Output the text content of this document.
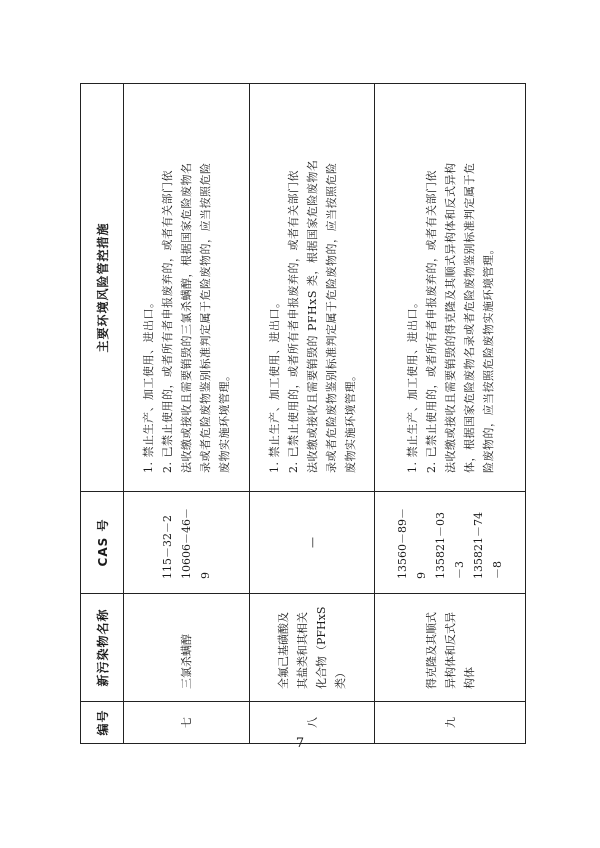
编号	新污染物名称	CAS 号	主要环境风险管控措施
七	三氯杀螨醇	115－32－2 10606－46－9	1. 禁止生产、加工使用、进出口。 2. 已禁止使用的，或者所有者申报废弃的，或者有关部门依 法收缴或接收且需要销毁的三氯杀螨醇，根据国家危险废物名 录或者危险废物鉴别标准判定属于危险废物的，应当按照危险 废物实施环境管理。

八	全氟己基磺酸及其盐类和其相关化合物（PFHxS 类）	—	1. 禁止生产、加工使用、进出口。 2. 已禁止使用的，或者所有者申报废弃的，或者有关部门依 法收缴或接收且需要销毁的 PFHxS 类，根据国家危险废物名 录或者危险废物鉴别标准判定属于危险废物的，应当按照危险 废物实施环境管理。

九	得克隆及其顺式异构体和反式异构体	13560－89－9 135821－03－3 135821－74－8	1. 禁止生产、加工使用、进出口。 2. 已禁止使用的，或者所有者申报废弃的，或者有关部门依 法收缴或接收且需要销毁的得克隆及其顺式异构体和反式异构 体，根据国家危险废物名录或者危险废物鉴别标准判定属于危 险废物的，应当按照危险废物实施环境管理。
— 7 —
